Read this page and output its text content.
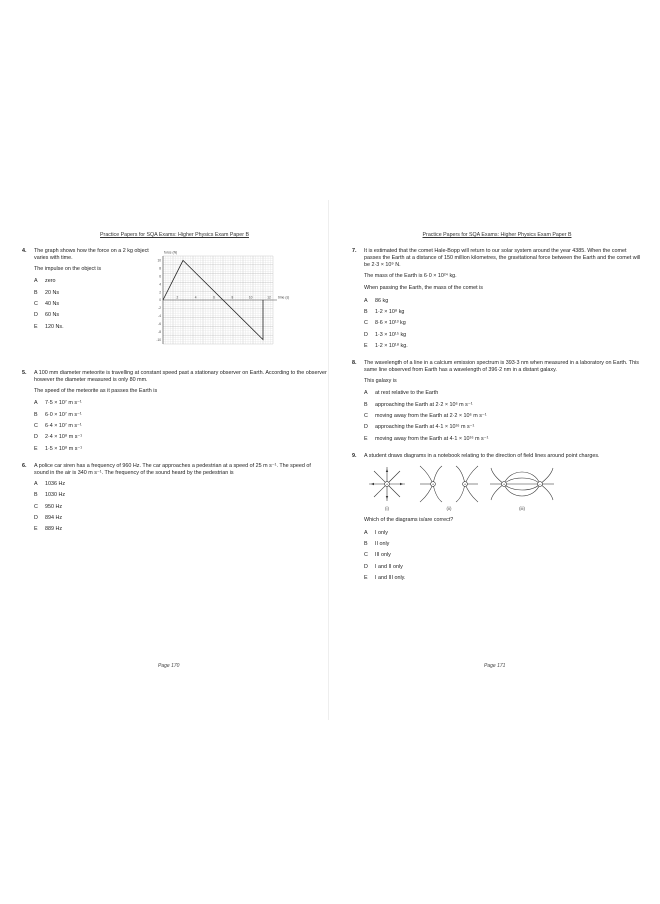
Practice Papers for SQA Exams: Higher Physics Exam Paper B
4. The graph shows how the force on a 2 kg object varies with time.

The impulse on the object is

A	zero
B	20 Ns
C	40 Ns
D	60 Ns
E	120 Ns.
10
8
6
4
2
0
-2
-4
-6
-8
-10
2	4	6	8	10	12
force (N)
time (s)
5. A 100 mm diameter meteorite is travelling at constant speed past a stationary observer on Earth. According to the observer however the diameter measured is only 80 mm.

The speed of the meteorite as it passes the Earth is

A	7·5 × 10⁷ m s⁻¹
B	6·0 × 10⁷ m s⁻¹
C	6·4 × 10⁷ m s⁻¹
D	2·4 × 10⁸ m s⁻¹
E	1·5 × 10⁸ m s⁻¹
6. A police car siren has a frequency of 960 Hz. The car approaches a pedestrian at a speed of 25 m s⁻¹. The speed of sound in the air is 340 m s⁻¹. The frequency of the sound heard by the pedestrian is

A	1036 Hz
B	1030 Hz
C	950 Hz
D	894 Hz
E	889 Hz
Page 170
Practice Papers for SQA Exams: Higher Physics Exam Paper B
7. It is estimated that the comet Hale-Bopp will return to our solar system around the year 4385. When the comet passes the Earth at a distance of 150 million kilometres, the gravitational force between the Earth and the comet will be 2·3 × 10⁹ N.

The mass of the Earth is 6·0 × 10²⁴ kg.

When passing the Earth, the mass of the comet is

A	86 kg
B	1·2 × 10⁸ kg
C	8·6 × 10¹³ kg
D	1·3 × 10¹⁵ kg
E	1·2 × 10¹⁸ kg.
8. The wavelength of a line in a calcium emission spectrum is 393·3 nm when measured in a laboratory on Earth. This same line observed from Earth has a wavelength of 396·2 nm in a distant galaxy.

This galaxy is

A	at rest relative to the Earth
B	approaching the Earth at 2·2 × 10⁶ m s⁻¹
C	moving away from the Earth at 2·2 × 10⁶ m s⁻¹
D	approaching the Earth at 4·1 × 10¹⁶ m s⁻¹
E	moving away from the Earth at 4·1 × 10¹⁶ m s⁻¹
9. A student draws diagrams in a notebook relating to the direction of field lines around point charges.

+
(i)
+	+
(ii)
+	–
(iii)

Which of the diagrams is/are correct?

A	I only
B	II only
C	III only
D	I and II only
E	I and III only.
Page 171
